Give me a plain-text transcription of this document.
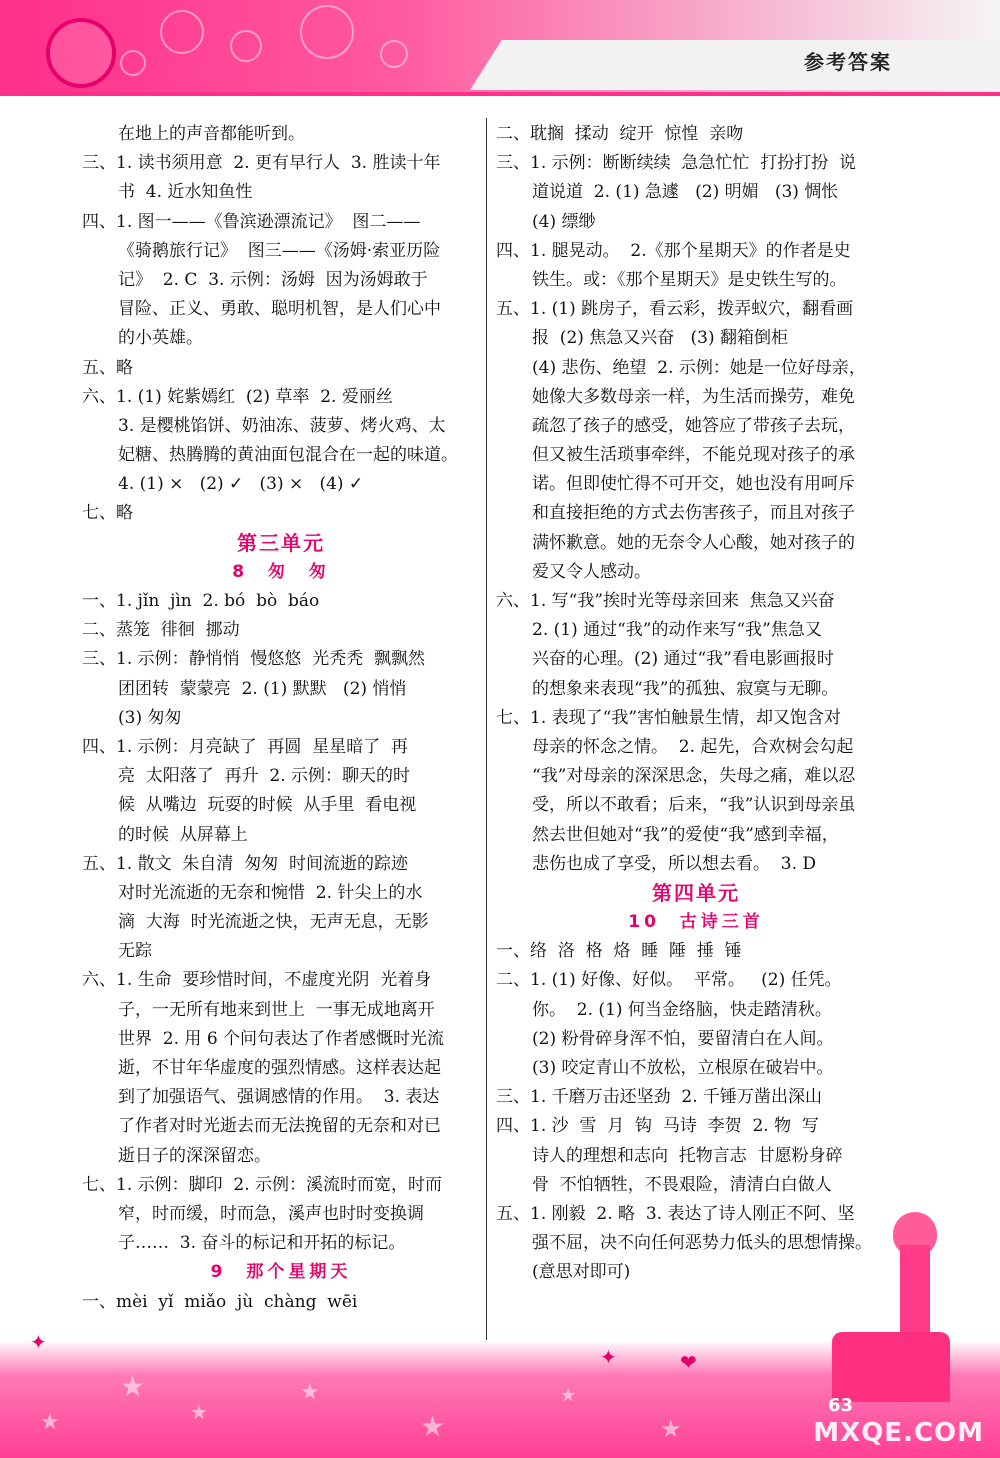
参考答案
在地上的声音都能听到。
三、1. 读书须用意  2. 更有早行人  3. 胜读十年
书  4. 近水知鱼性
四、1. 图一——《鲁滨逊漂流记》  图二——
《骑鹅旅行记》  图三——《汤姆·索亚历险
记》  2. C  3. 示例：汤姆  因为汤姆敢于
冒险、正义、勇敢、聪明机智，是人们心中
的小英雄。
五、略
六、1. (1) 姹紫嫣红  (2) 草率  2. 爱丽丝
3. 是樱桃馅饼、奶油冻、菠萝、烤火鸡、太
妃糖、热腾腾的黄油面包混合在一起的味道。
4. (1) ×   (2) ✓   (3) ×   (4) ✓
七、略
第三单元
8  匆  匆
一、1. jǐn  jìn  2. bó  bò  báo
二、蒸笼  徘徊  挪动
三、1. 示例：静悄悄  慢悠悠  光秃秃  飘飘然
团团转  蒙蒙亮  2. (1) 默默   (2) 悄悄
(3) 匆匆
四、1. 示例：月亮缺了  再圆  星星暗了  再
亮  太阳落了  再升  2. 示例：聊天的时
候  从嘴边  玩耍的时候  从手里  看电视
的时候  从屏幕上
五、1. 散文  朱自清  匆匆  时间流逝的踪迹
对时光流逝的无奈和惋惜  2. 针尖上的水
滴  大海  时光流逝之快，无声无息，无影
无踪
六、1. 生命  要珍惜时间，不虚度光阴  光着身
子，一无所有地来到世上  一事无成地离开
世界  2. 用 6 个问句表达了作者感慨时光流
逝，不甘年华虚度的强烈情感。这样表达起
到了加强语气、强调感情的作用。  3. 表达
了作者对时光逝去而无法挽留的无奈和对已
逝日子的深深留恋。
七、1. 示例：脚印  2. 示例：溪流时而宽，时而
窄，时而缓，时而急，溪声也时时变换调
子……  3. 奋斗的标记和开拓的标记。
9  那个星期天
一、mèi  yǐ  miǎo  jù  chàng  wēi
二、耽搁  揉动  绽开  惊惶  亲吻
三、1. 示例：断断续续  急急忙忙  打扮打扮  说
道说道  2. (1) 急遽   (2) 明媚   (3) 惆怅
(4) 缥缈
四、1. 腿晃动。  2.《那个星期天》的作者是史
铁生。或：《那个星期天》是史铁生写的。
五、1. (1) 跳房子，看云彩，拨弄蚁穴，翻看画
报  (2) 焦急又兴奋   (3) 翻箱倒柜
(4) 悲伤、绝望  2. 示例：她是一位好母亲，
她像大多数母亲一样，为生活而操劳，难免
疏忽了孩子的感受，她答应了带孩子去玩，
但又被生活琐事牵绊，不能兑现对孩子的承
诺。但即使忙得不可开交，她也没有用呵斥
和直接拒绝的方式去伤害孩子，而且对孩子
满怀歉意。她的无奈令人心酸，她对孩子的
爱又令人感动。
六、1. 写“我”挨时光等母亲回来  焦急又兴奋
2. (1) 通过“我”的动作来写“我”焦急又
兴奋的心理。(2) 通过“我”看电影画报时
的想象来表现“我”的孤独、寂寞与无聊。
七、1. 表现了“我”害怕触景生情，却又饱含对
母亲的怀念之情。  2. 起先，合欢树会勾起
“我”对母亲的深深思念，失母之痛，难以忍
受，所以不敢看；后来，“我”认识到母亲虽
然去世但她对“我”的爱使“我”感到幸福，
悲伤也成了享受，所以想去看。  3. D
第四单元
10  古诗三首
一、络  洛  格  烙  睡  陲  捶  锤
二、1. (1) 好像、好似。  平常。   (2) 任凭。
你。  2. (1) 何当金络脑，快走踏清秋。
(2) 粉骨碎身浑不怕，要留清白在人间。
(3) 咬定青山不放松，立根原在破岩中。
三、1. 千磨万击还坚劲  2. 千锤万凿出深山
四、1. 沙  雪  月  钩  马诗  李贺  2. 物  写
诗人的理想和志向  托物言志  甘愿粉身碎
骨  不怕牺牲，不畏艰险，清清白白做人
五、1. 刚毅  2. 略  3. 表达了诗人刚正不阿、坚
强不屈，决不向任何恶势力低头的思想情操。
(意思对即可)
★
★
★
★
★
★
★	MXQE.COM
✦
✦	❤
63
